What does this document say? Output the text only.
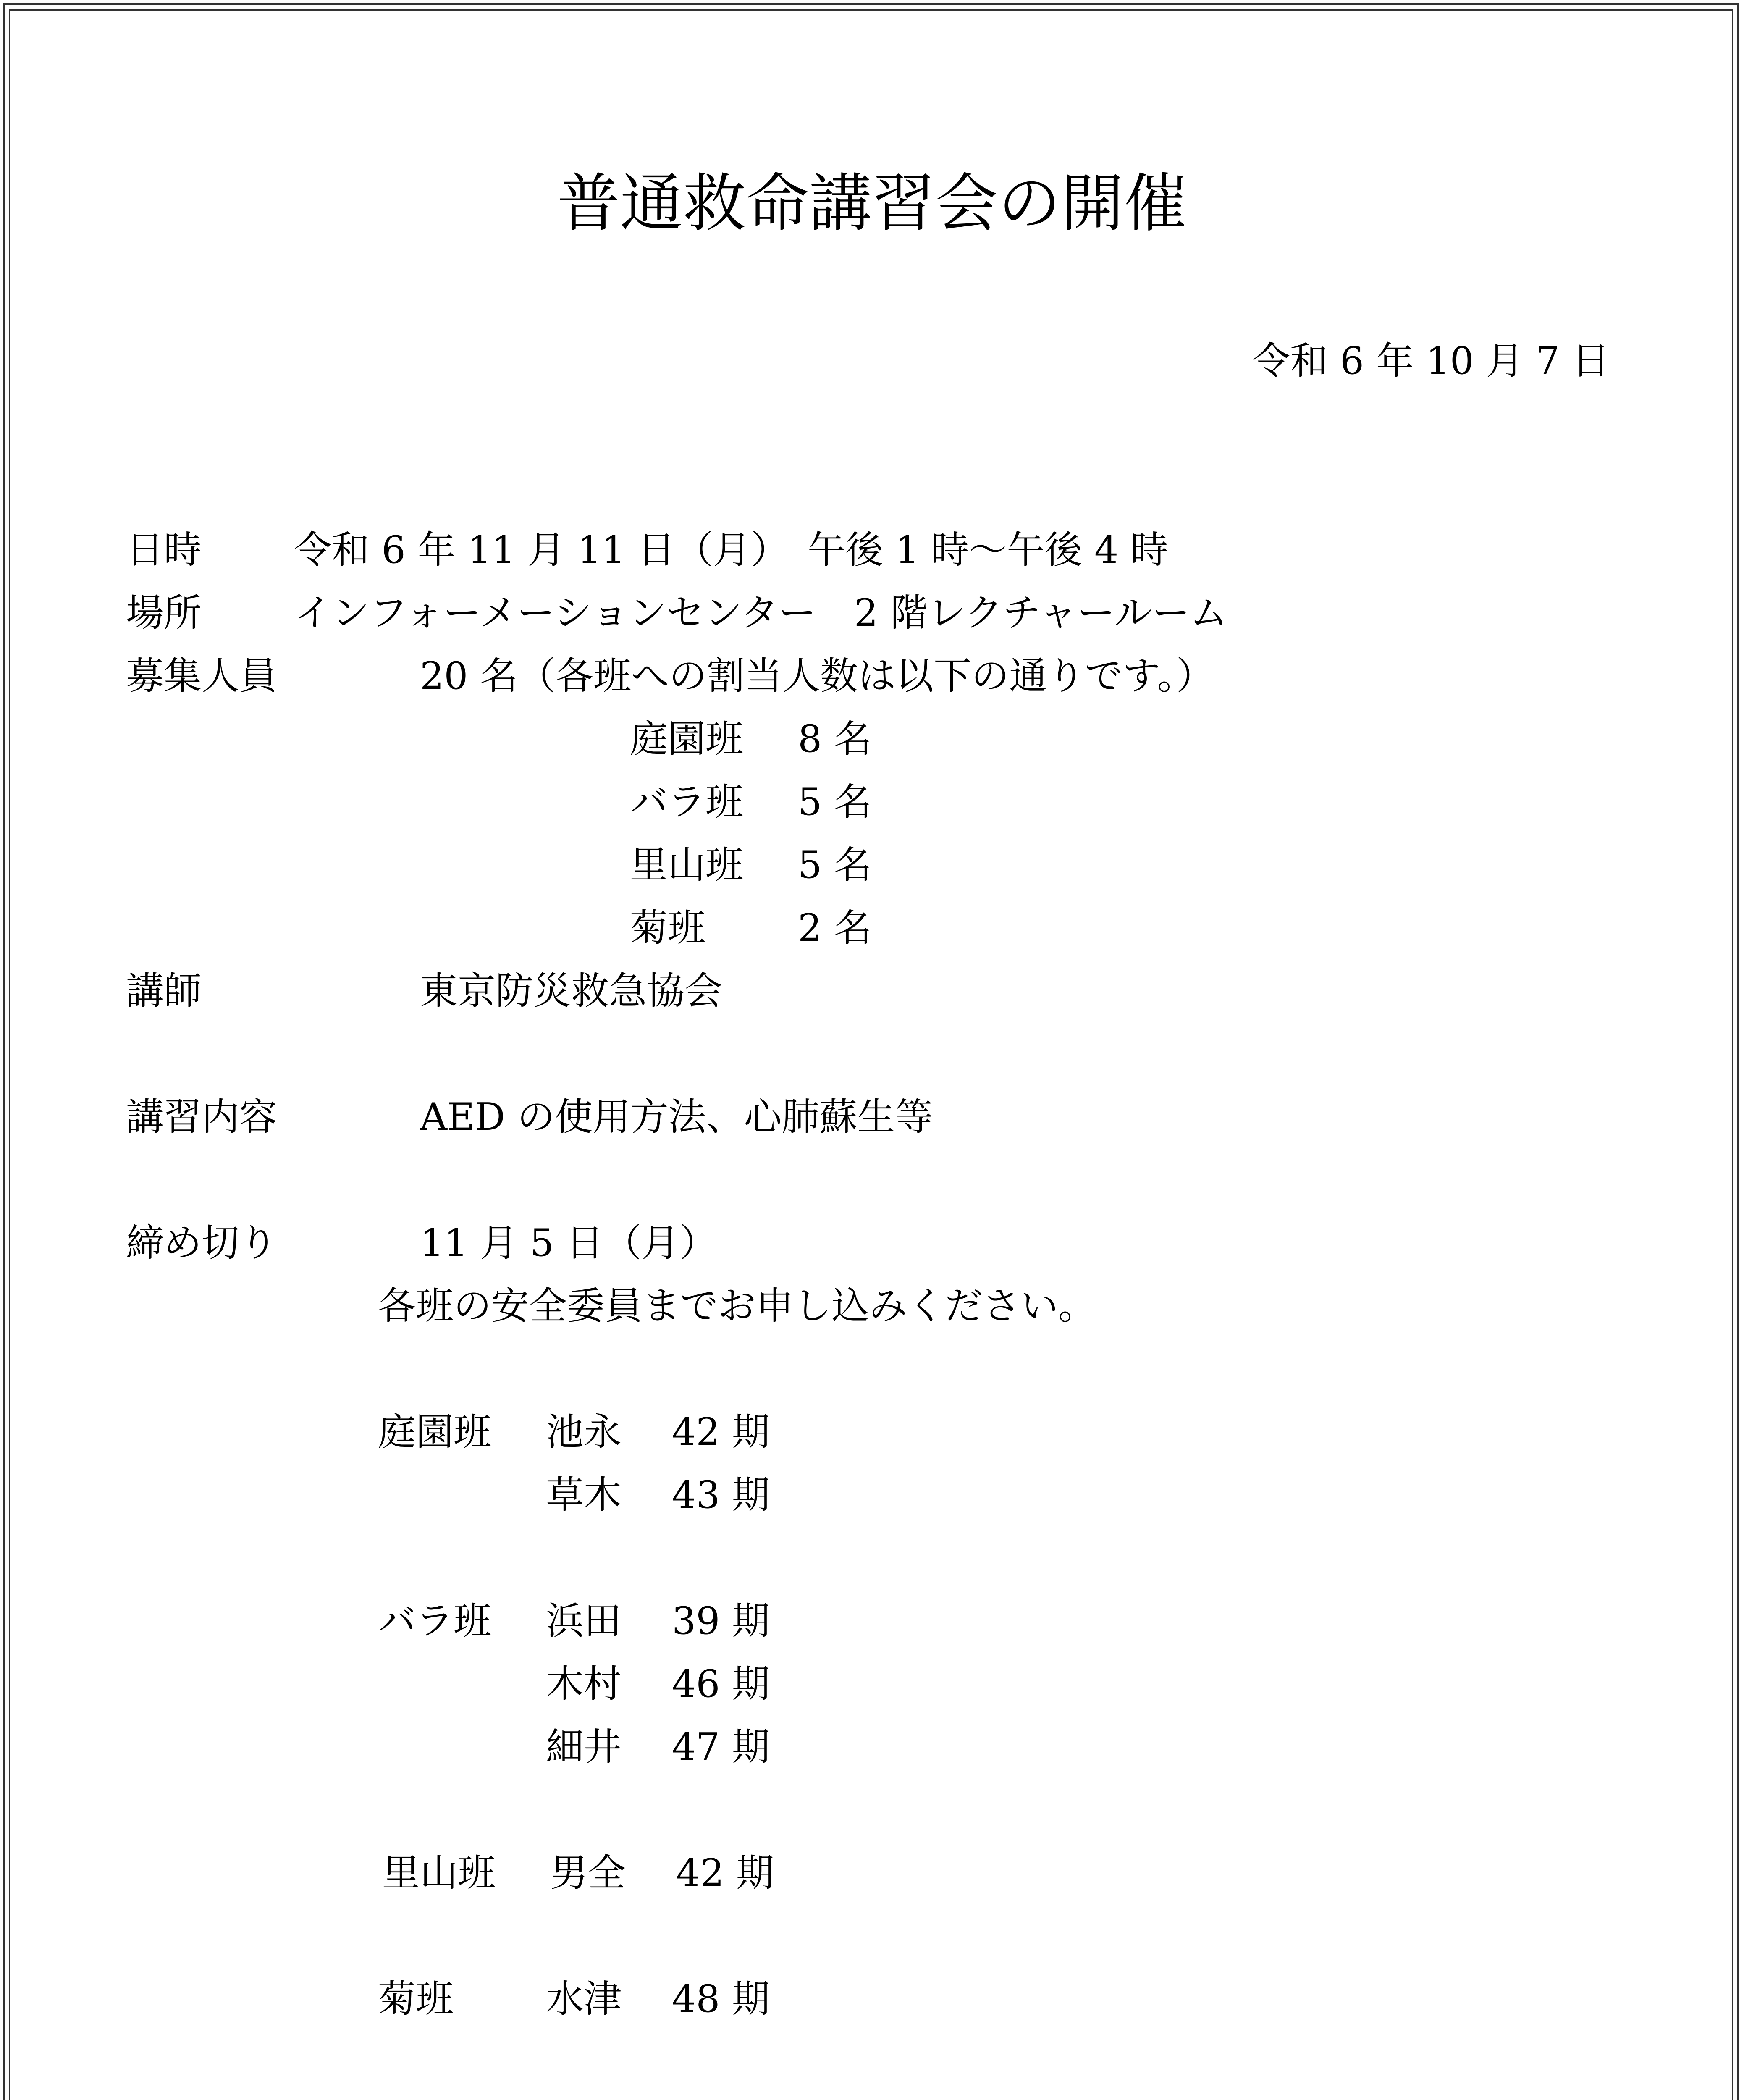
普通救命講習会の開催
令和 6 年 10 月 7 日
日時 令和 6 年 11 月 11 日（月）　午後 1 時～午後 4 時
場所 インフォーメーションセンター　2 階レクチャールーム
募集人員	20 名（各班への割当人数は以下の通りです。）
庭園班 8 名
バラ班 5 名
里山班 5 名
菊班 2 名
講師	東京防災救急協会
講習内容	AED の使用方法、心肺蘇生等
締め切り	11 月 5 日（月）
各班の安全委員までお申し込みください。
庭園班 池永 42 期
草木 43 期
バラ班 浜田 39 期
木村 46 期
細井 47 期
里山班 男全 42 期
菊班 水津 48 期
